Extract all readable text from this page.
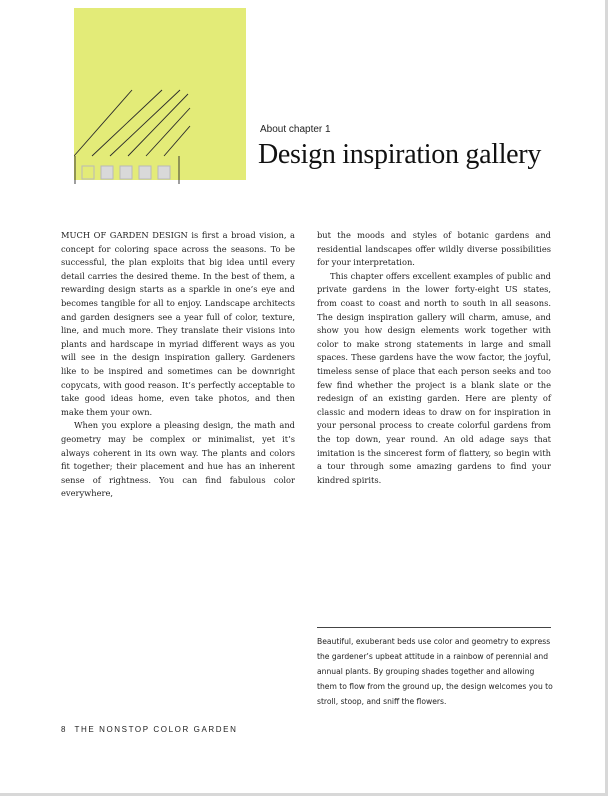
About chapter 1
Design inspiration gallery

MUCH OF GARDEN DESIGN is first a broad vision, a concept for coloring space across the seasons. To be successful, the plan exploits that big idea until every detail carries the desired theme. In the best of them, a rewarding design starts as a sparkle in one’s eye and becomes tangible for all to enjoy. Landscape architects and garden designers see a year full of color, texture, line, and much more. They translate their visions into plants and hardscape in myriad different ways as you will see in the design inspiration gallery. Gardeners like to be inspired and sometimes can be downright copycats, with good reason. It’s perfectly acceptable to take good ideas home, even take photos, and then make them your own.

When you explore a pleasing design, the math and geometry may be complex or minimalist, yet it’s always coherent in its own way. The plants and colors fit together; their placement and hue has an inherent sense of rightness. You can find fabulous color everywhere,

but the moods and styles of botanic gardens and residential landscapes offer wildly diverse possibilities for your interpretation.

This chapter offers excellent examples of public and private gardens in the lower forty-eight US states, from coast to coast and north to south in all seasons. The design inspiration gallery will charm, amuse, and show you how design elements work together with color to make strong statements in large and small spaces. These gardens have the wow factor, the joyful, timeless sense of place that each person seeks and too few find whether the project is a blank slate or the redesign of an existing garden. Here are plenty of classic and modern ideas to draw on for inspiration in your personal process to create colorful gardens from the top down, year round. An old adage says that imitation is the sincerest form of flattery, so begin with a tour through some amazing gardens to find your kindred spirits.

Beautiful, exuberant beds use color and geometry to express the gardener’s upbeat attitude in a rainbow of perennial and annual plants. By grouping shades together and allowing them to flow from the ground up, the design welcomes you to stroll, stoop, and sniff the flowers.

8 THE NONSTOP COLOR GARDEN
